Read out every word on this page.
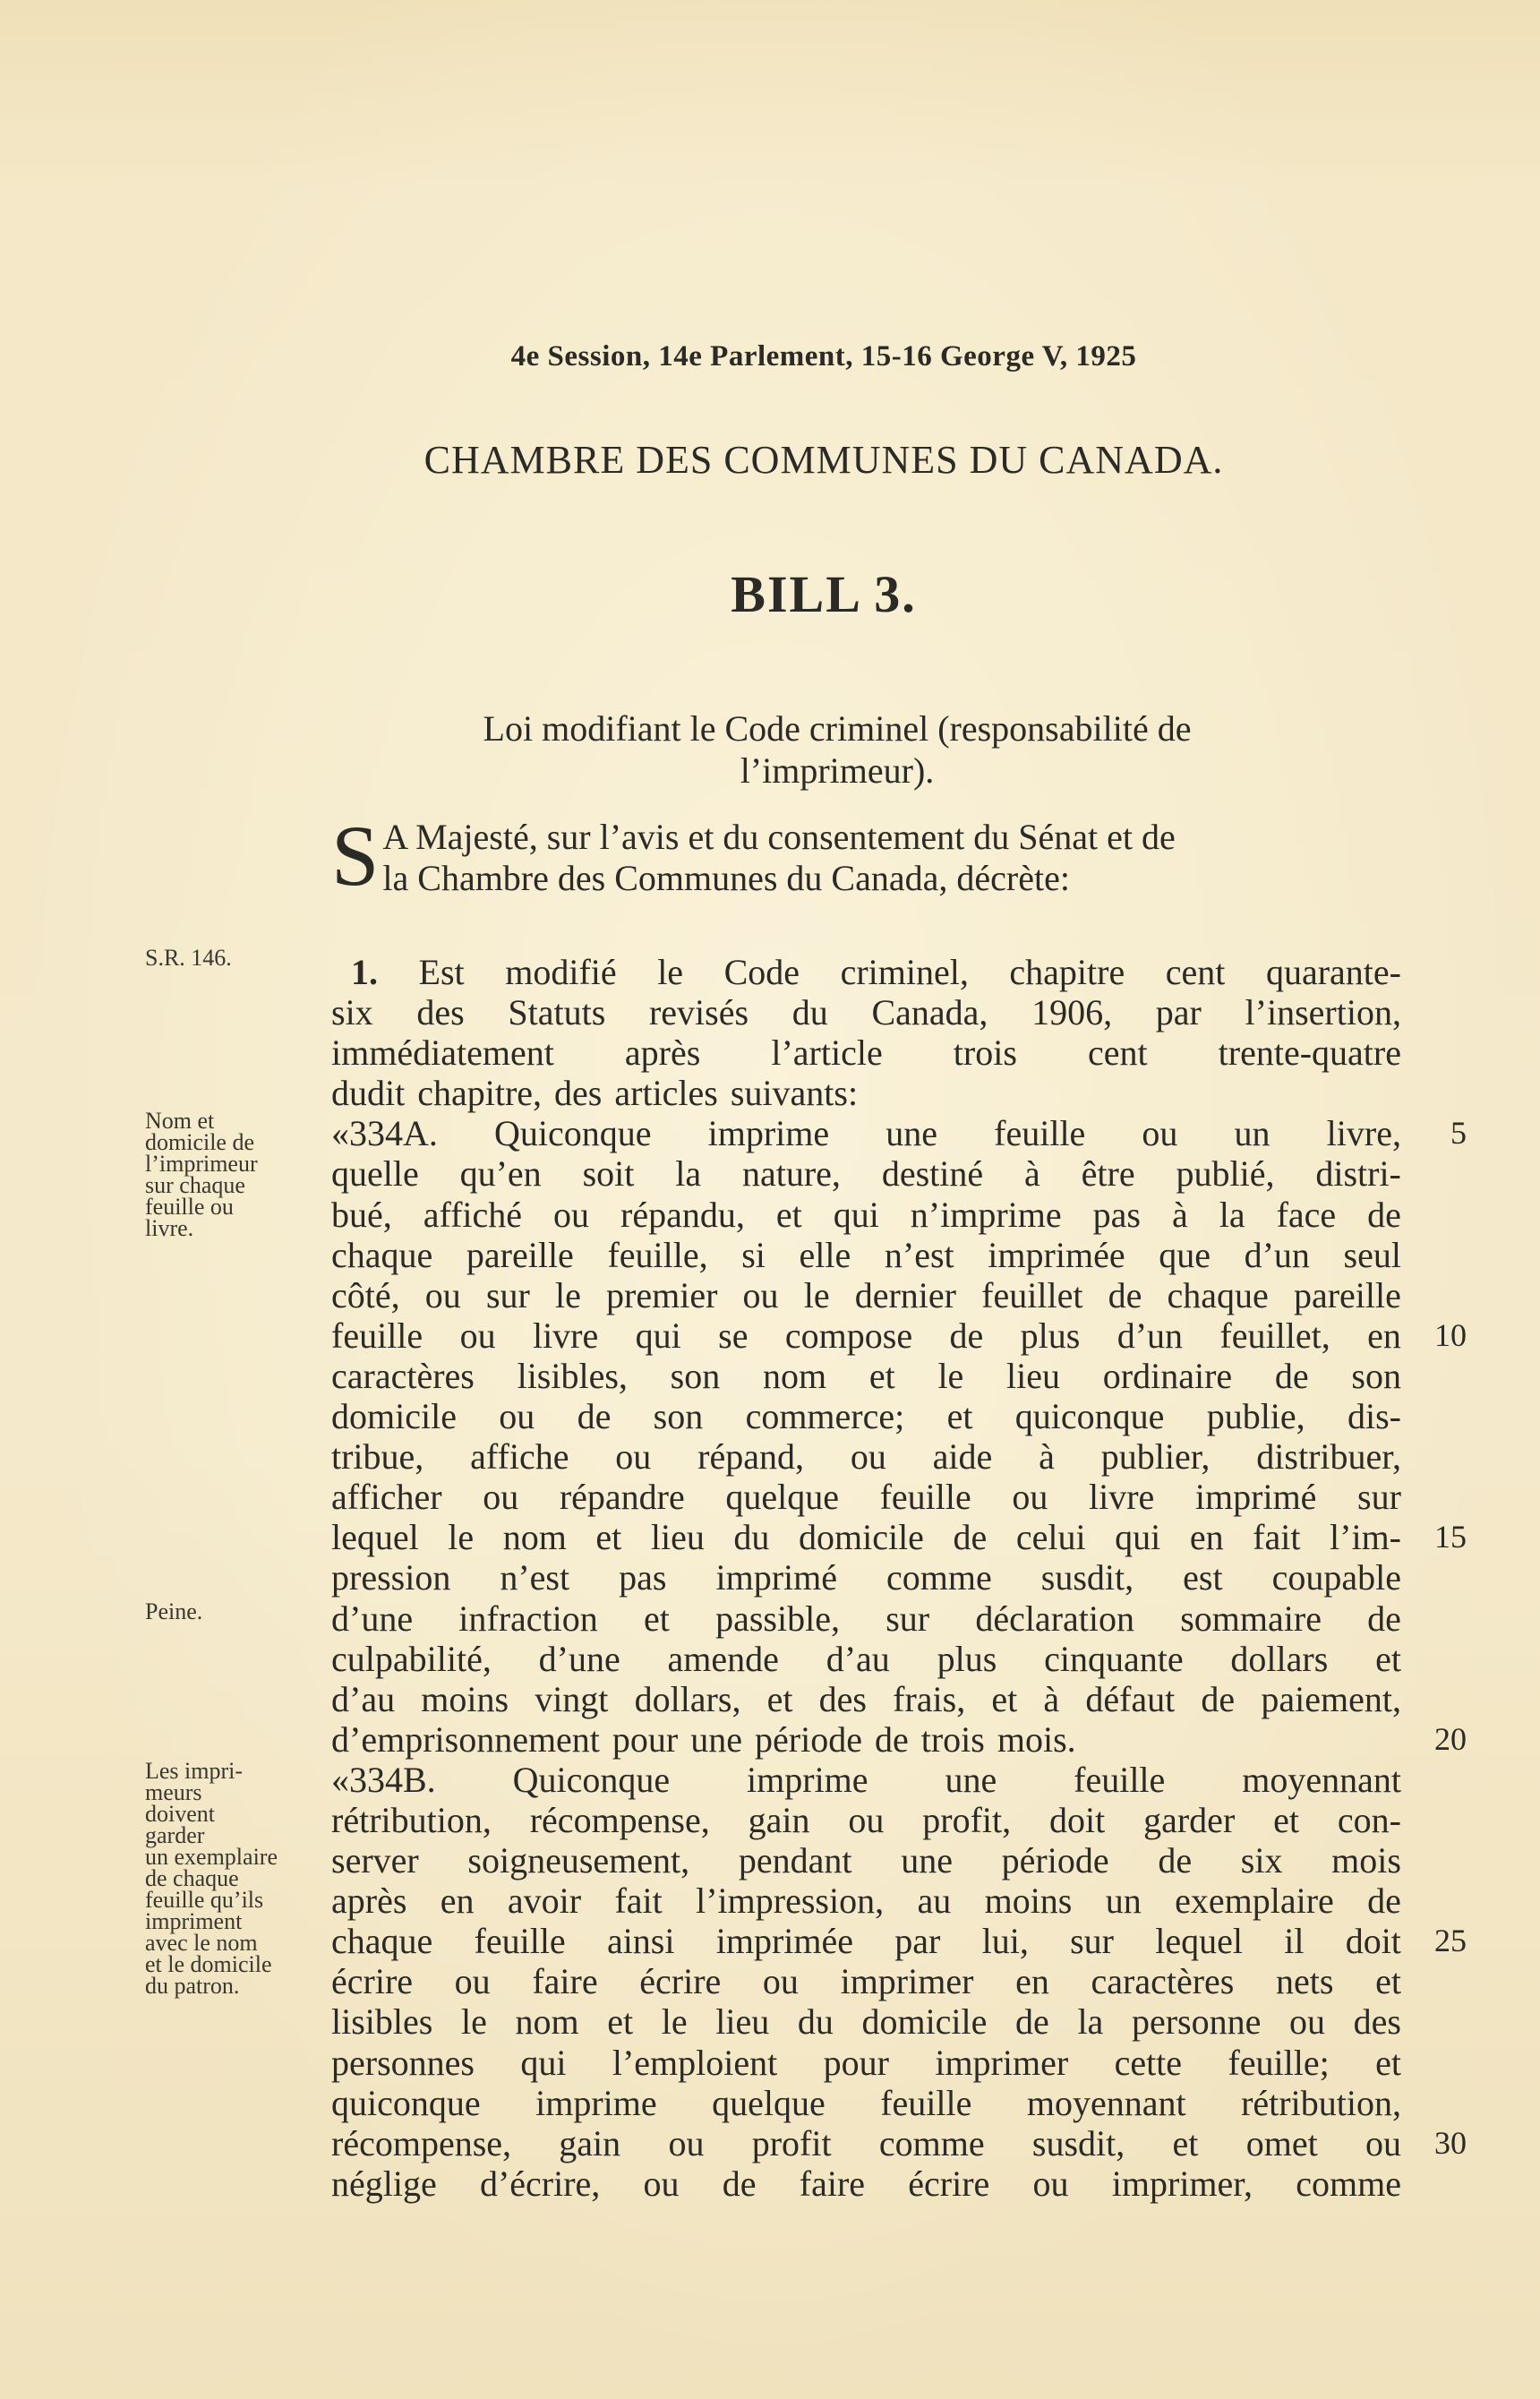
4e Session, 14e Parlement, 15-16 George V, 1925
CHAMBRE DES COMMUNES DU CANADA.
BILL 3.
Loi modifiant le Code criminel (responsabilité de
l’imprimeur).
S A Majesté, sur l’avis et du consentement du Sénat et de
la Chambre des Communes du Canada, décrète:
S.R. 146.
Nom et
domicile de
l’imprimeur
sur chaque
feuille ou
livre.
Peine.
Les impri-
meurs
doivent
garder
un exemplaire
de chaque
feuille qu’ils
impriment
avec le nom
et le domicile
du patron.
1. Est modifié le Code criminel, chapitre cent quarante-
six des Statuts revisés du Canada, 1906, par l’insertion,
immédiatement après l’article trois cent trente-quatre
dudit chapitre, des articles suivants:
«334A. Quiconque imprime une feuille ou un livre,
quelle qu’en soit la nature, destiné à être publié, distri-
bué, affiché ou répandu, et qui n’imprime pas à la face de
chaque pareille feuille, si elle n’est imprimée que d’un seul
côté, ou sur le premier ou le dernier feuillet de chaque pareille
feuille ou livre qui se compose de plus d’un feuillet, en
caractères lisibles, son nom et le lieu ordinaire de son
domicile ou de son commerce; et quiconque publie, dis-
tribue, affiche ou répand, ou aide à publier, distribuer,
afficher ou répandre quelque feuille ou livre imprimé sur
lequel le nom et lieu du domicile de celui qui en fait l’im-
pression n’est pas imprimé comme susdit, est coupable
d’une infraction et passible, sur déclaration sommaire de
culpabilité, d’une amende d’au plus cinquante dollars et
d’au moins vingt dollars, et des frais, et à défaut de paiement,
d’emprisonnement pour une période de trois mois.
«334B. Quiconque imprime une feuille moyennant
rétribution, récompense, gain ou profit, doit garder et con-
server soigneusement, pendant une période de six mois
après en avoir fait l’impression, au moins un exemplaire de
chaque feuille ainsi imprimée par lui, sur lequel il doit
écrire ou faire écrire ou imprimer en caractères nets et
lisibles le nom et le lieu du domicile de la personne ou des
personnes qui l’emploient pour imprimer cette feuille; et
quiconque imprime quelque feuille moyennant rétribution,
récompense, gain ou profit comme susdit, et omet ou
néglige d’écrire, ou de faire écrire ou imprimer, comme
5
10
15
20
25
30
